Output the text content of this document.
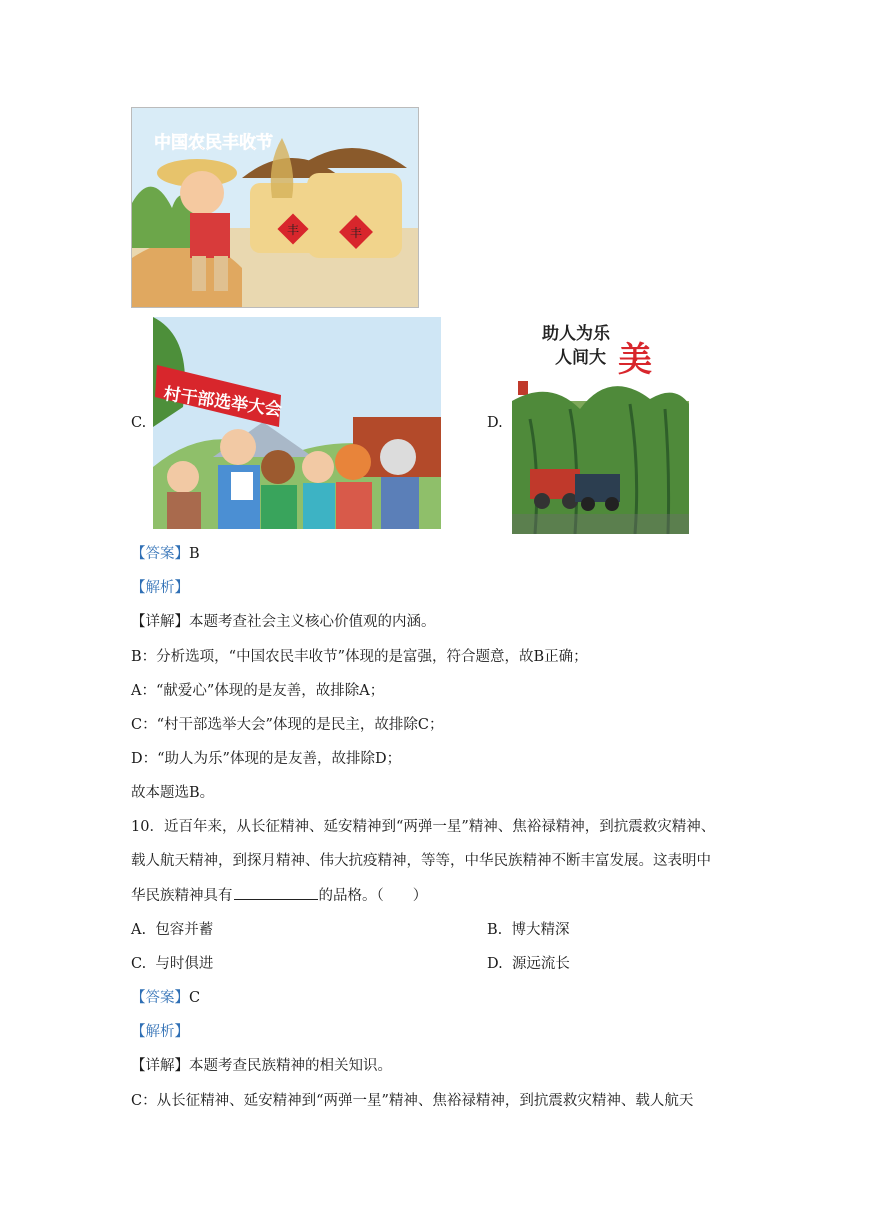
丰	丰
中国农民丰收节
C.
村干部选举大会
D.
助人为乐
人间大 美
【答案】B
【解析】
【详解】本题考查社会主义核心价值观的内涵。
B：分析选项，“中国农民丰收节”体现的是富强，符合题意，故B正确；
A：“献爱心”体现的是友善，故排除A；
C：“村干部选举大会”体现的是民主，故排除C；
D：“助人为乐”体现的是友善，故排除D；
故本题选B。
10．近百年来，从长征精神、延安精神到“两弹一星”精神、焦裕禄精神，到抗震救灾精神、
载人航天精神，到探月精神、伟大抗疫精神，等等，中华民族精神不断丰富发展。这表明中
华民族精神具有	的品格。（　　）
A. 包容并蓄	B. 博大精深
C. 与时俱进	D. 源远流长
【答案】C
【解析】
【详解】本题考查民族精神的相关知识。
C：从长征精神、延安精神到“两弹一星”精神、焦裕禄精神，到抗震救灾精神、载人航天
